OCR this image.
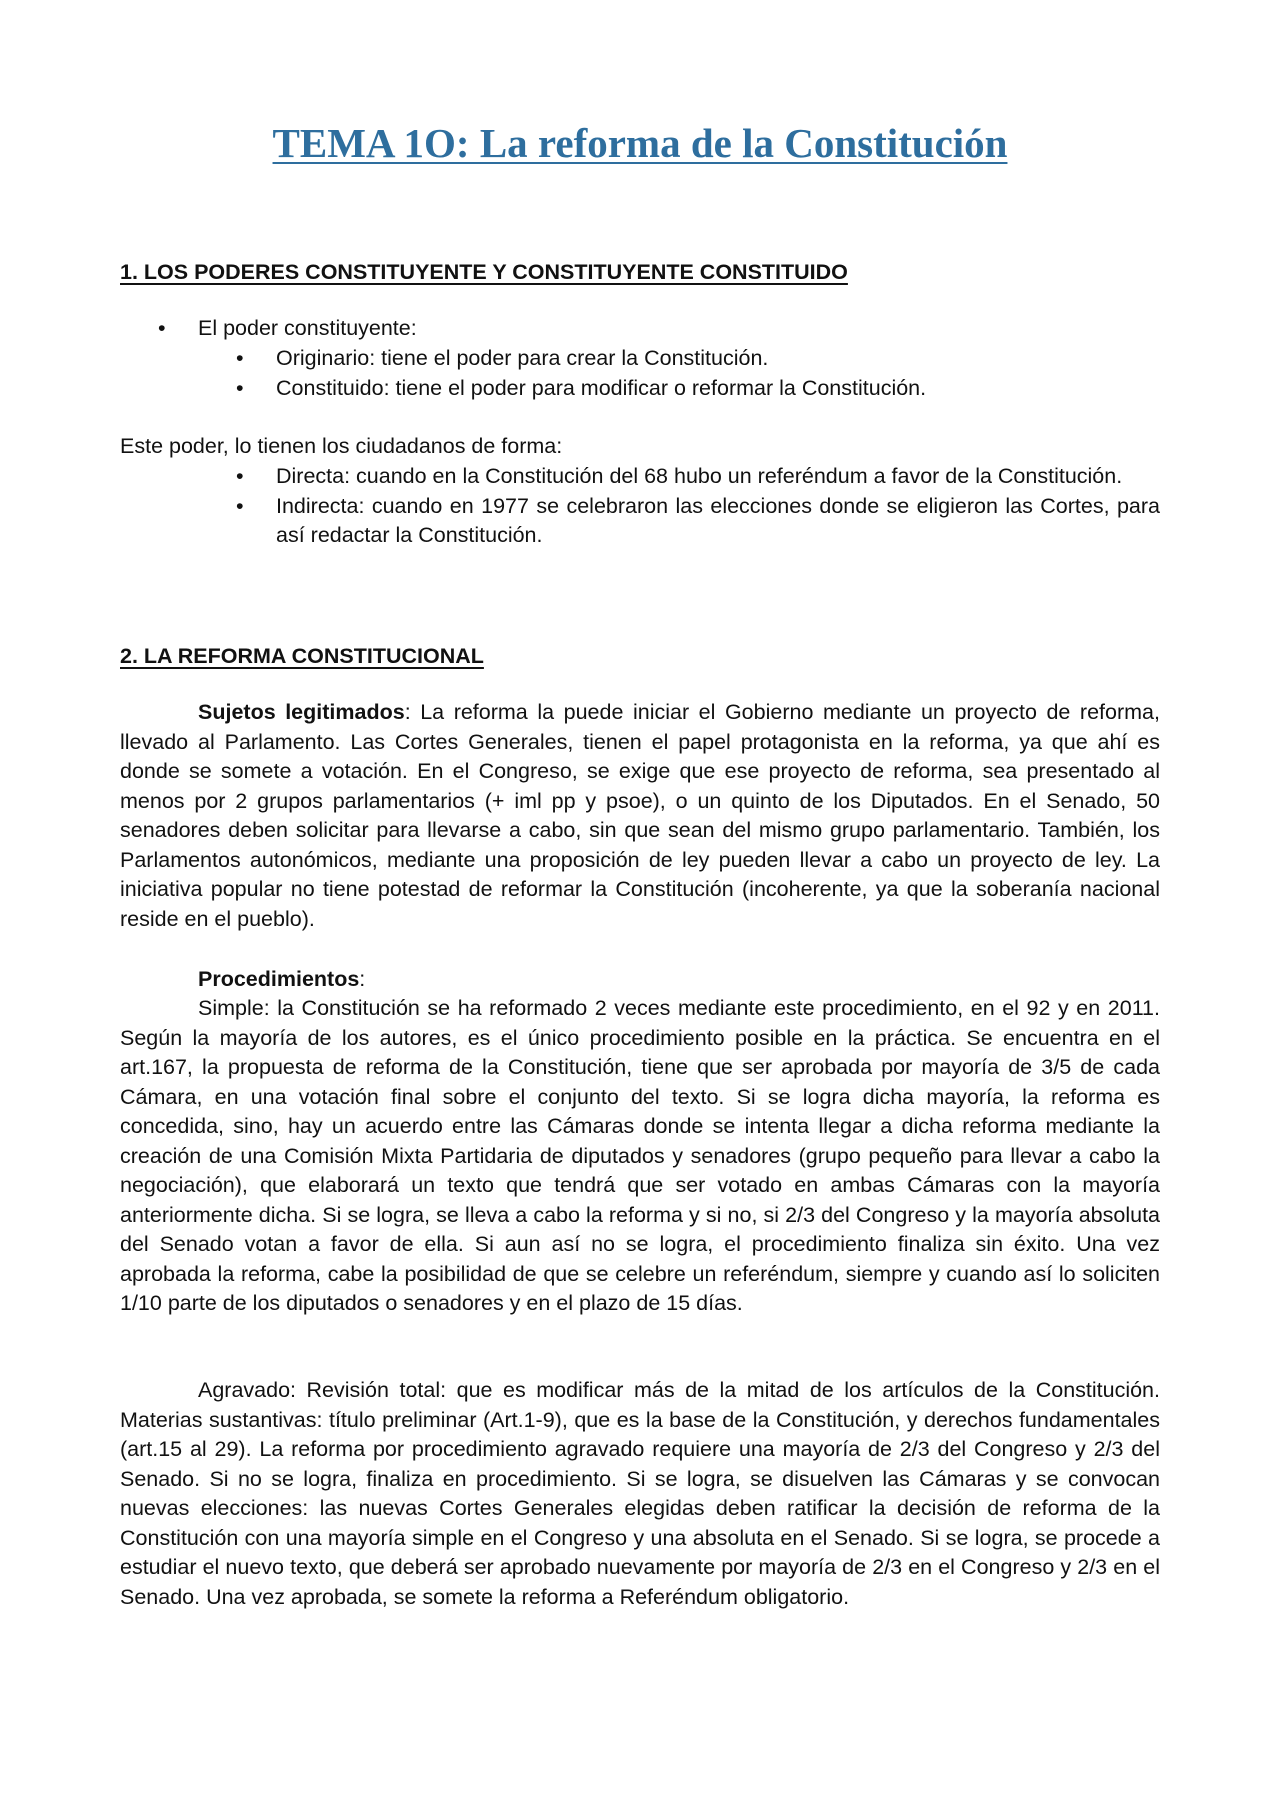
TEMA 1O: La reforma de la Constitución
1. LOS PODERES CONSTITUYENTE Y CONSTITUYENTE CONSTITUIDO
• El poder constituyente:
• Originario: tiene el poder para crear la Constitución.
• Constituido: tiene el poder para modificar o reformar la Constitución.
Este poder, lo tienen los ciudadanos de forma:
• Directa: cuando en la Constitución del 68 hubo un referéndum a favor de la Constitución.
• Indirecta: cuando en 1977 se celebraron las elecciones donde se eligieron las Cortes, para así redactar la Constitución.
2. LA REFORMA CONSTITUCIONAL
Sujetos legitimados: La reforma la puede iniciar el Gobierno mediante un proyecto de reforma, llevado al Parlamento. Las Cortes Generales, tienen el papel protagonista en la reforma, ya que ahí es donde se somete a votación. En el Congreso, se exige que ese proyecto de reforma, sea presentado al menos por 2 grupos parlamentarios (+ iml pp y psoe), o un quinto de los Diputados. En el Senado, 50 senadores deben solicitar para llevarse a cabo, sin que sean del mismo grupo parlamentario. También, los Parlamentos autonómicos, mediante una proposición de ley pueden llevar a cabo un proyecto de ley. La iniciativa popular no tiene potestad de reformar la Constitución (incoherente, ya que la soberanía nacional reside en el pueblo).
Procedimientos:
Simple: la Constitución se ha reformado 2 veces mediante este procedimiento, en el 92 y en 2011. Según la mayoría de los autores, es el único procedimiento posible en la práctica. Se encuentra en el art.167, la propuesta de reforma de la Constitución, tiene que ser aprobada por mayoría de 3/5 de cada Cámara, en una votación final sobre el conjunto del texto. Si se logra dicha mayoría, la reforma es concedida, sino, hay un acuerdo entre las Cámaras donde se intenta llegar a dicha reforma mediante la creación de una Comisión Mixta Partidaria de diputados y senadores (grupo pequeño para llevar a cabo la negociación), que elaborará un texto que tendrá que ser votado en ambas Cámaras con la mayoría anteriormente dicha. Si se logra, se lleva a cabo la reforma y si no, si 2/3 del Congreso y la mayoría absoluta del Senado votan a favor de ella. Si aun así no se logra, el procedimiento finaliza sin éxito. Una vez aprobada la reforma, cabe la posibilidad de que se celebre un referéndum, siempre y cuando así lo soliciten 1/10 parte de los diputados o senadores y en el plazo de 15 días.
Agravado: Revisión total: que es modificar más de la mitad de los artículos de la Constitución. Materias sustantivas: título preliminar (Art.1-9), que es la base de la Constitución, y derechos fundamentales (art.15 al 29). La reforma por procedimiento agravado requiere una mayoría de 2/3 del Congreso y 2/3 del Senado. Si no se logra, finaliza en procedimiento. Si se logra, se disuelven las Cámaras y se convocan nuevas elecciones: las nuevas Cortes Generales elegidas deben ratificar la decisión de reforma de la Constitución con una mayoría simple en el Congreso y una absoluta en el Senado. Si se logra, se procede a estudiar el nuevo texto, que deberá ser aprobado nuevamente por mayoría de 2/3 en el Congreso y 2/3 en el Senado. Una vez aprobada, se somete la reforma a Referéndum obligatorio.
